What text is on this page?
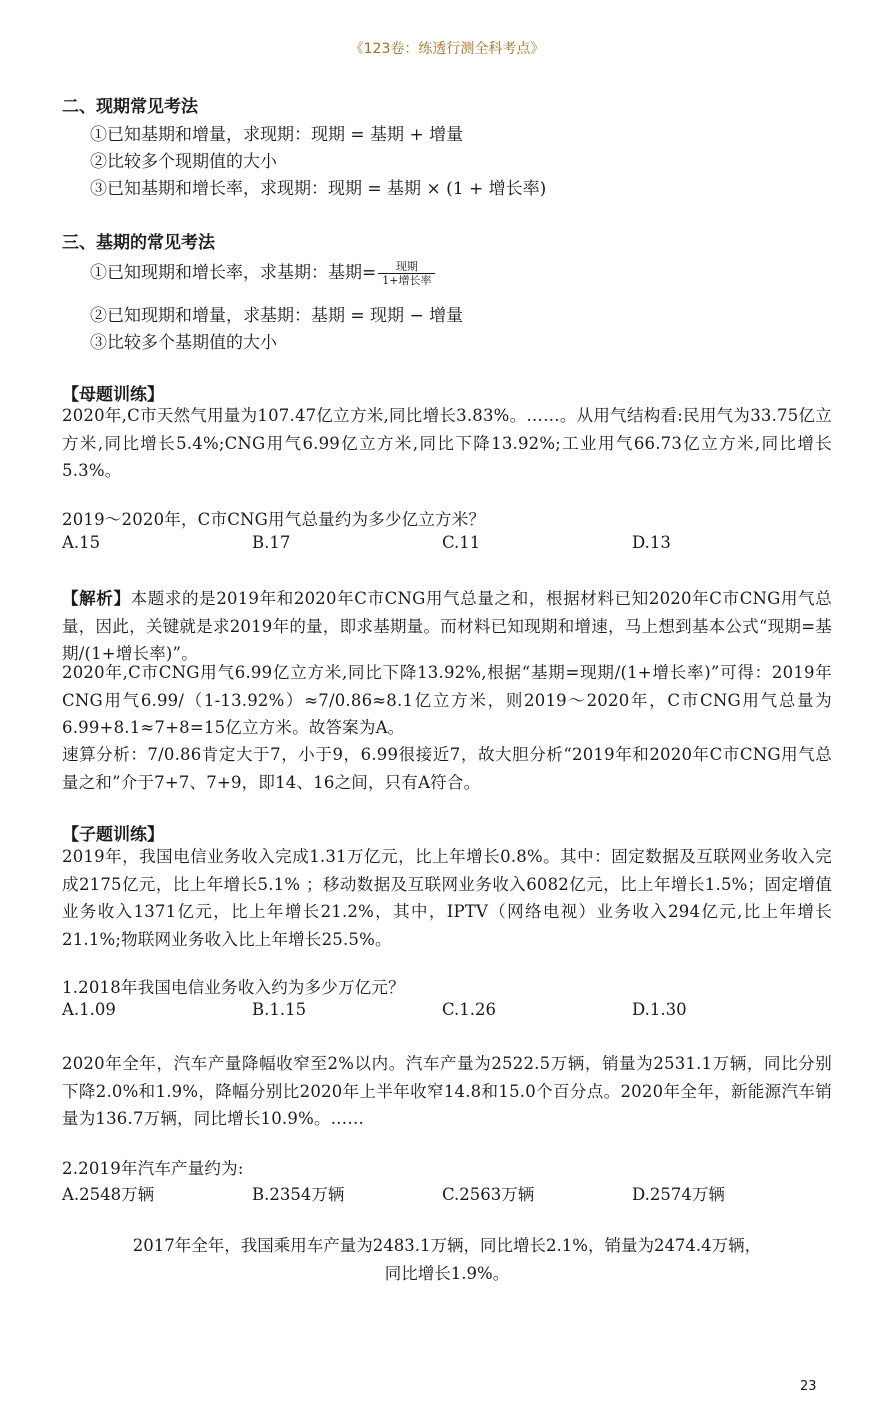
《123卷：练透行测全科考点》
二、现期常见考法
①已知基期和增量，求现期：现期 = 基期 + 增量
②比较多个现期值的大小
③已知基期和增长率，求现期：现期 = 基期 × (1 + 增长率)
三、基期的常见考法
①已知现期和增长率，求基期：基期= $\frac{\text{现期}}{\text{1+增长率}}$
②已知现期和增量，求基期：基期 = 现期 − 增量
③比较多个基期值的大小
【母题训练】
2020年,C市天然气用量为107.47亿立方米,同比增长3.83%。……。从用气结构看:民用气为33.75亿立方米,同比增长5.4%;CNG用气6.99亿立方米,同比下降13.92%;工业用气66.73亿立方米,同比增长5.3%。
2019～2020年，C市CNG用气总量约为多少亿立方米？
A.15	B.17	C.11	D.13
【解析】本题求的是2019年和2020年C市CNG用气总量之和，根据材料已知2020年C市CNG用气总量，因此，关键就是求2019年的量，即求基期量。而材料已知现期和增速，马上想到基本公式“现期=基期/(1+增长率)”。
2020年,C市CNG用气6.99亿立方米,同比下降13.92%,根据“基期=现期/(1+增长率)”可得：2019年CNG用气6.99/（1-13.92%）≈7/0.86≈8.1亿立方米，则2019～2020年，C市CNG用气总量为6.99+8.1≈7+8=15亿立方米。故答案为A。
速算分析：7/0.86肯定大于7，小于9，6.99很接近7，故大胆分析“2019年和2020年C市CNG用气总量之和”介于7+7、7+9，即14、16之间，只有A符合。
【子题训练】
2019年，我国电信业务收入完成1.31万亿元，比上年增长0.8%。其中：固定数据及互联网业务收入完成2175亿元，比上年增长5.1% ；移动数据及互联网业务收入6082亿元，比上年增长1.5%；固定增值业务收入1371亿元，比上年增长21.2%，其中，IPTV（网络电视）业务收入294亿元,比上年增长21.1%;物联网业务收入比上年增长25.5%。
1.2018年我国电信业务收入约为多少万亿元？
A.1.09	B.1.15	C.1.26	D.1.30
2020年全年，汽车产量降幅收窄至2%以内。汽车产量为2522.5万辆，销量为2531.1万辆，同比分别下降2.0%和1.9%，降幅分别比2020年上半年收窄14.8和15.0个百分点。2020年全年，新能源汽车销量为136.7万辆，同比增长10.9%。……
2.2019年汽车产量约为:
A.2548万辆	B.2354万辆	C.2563万辆	D.2574万辆
2017年全年，我国乘用车产量为2483.1万辆，同比增长2.1%，销量为2474.4万辆，
同比增长1.9%。
23
